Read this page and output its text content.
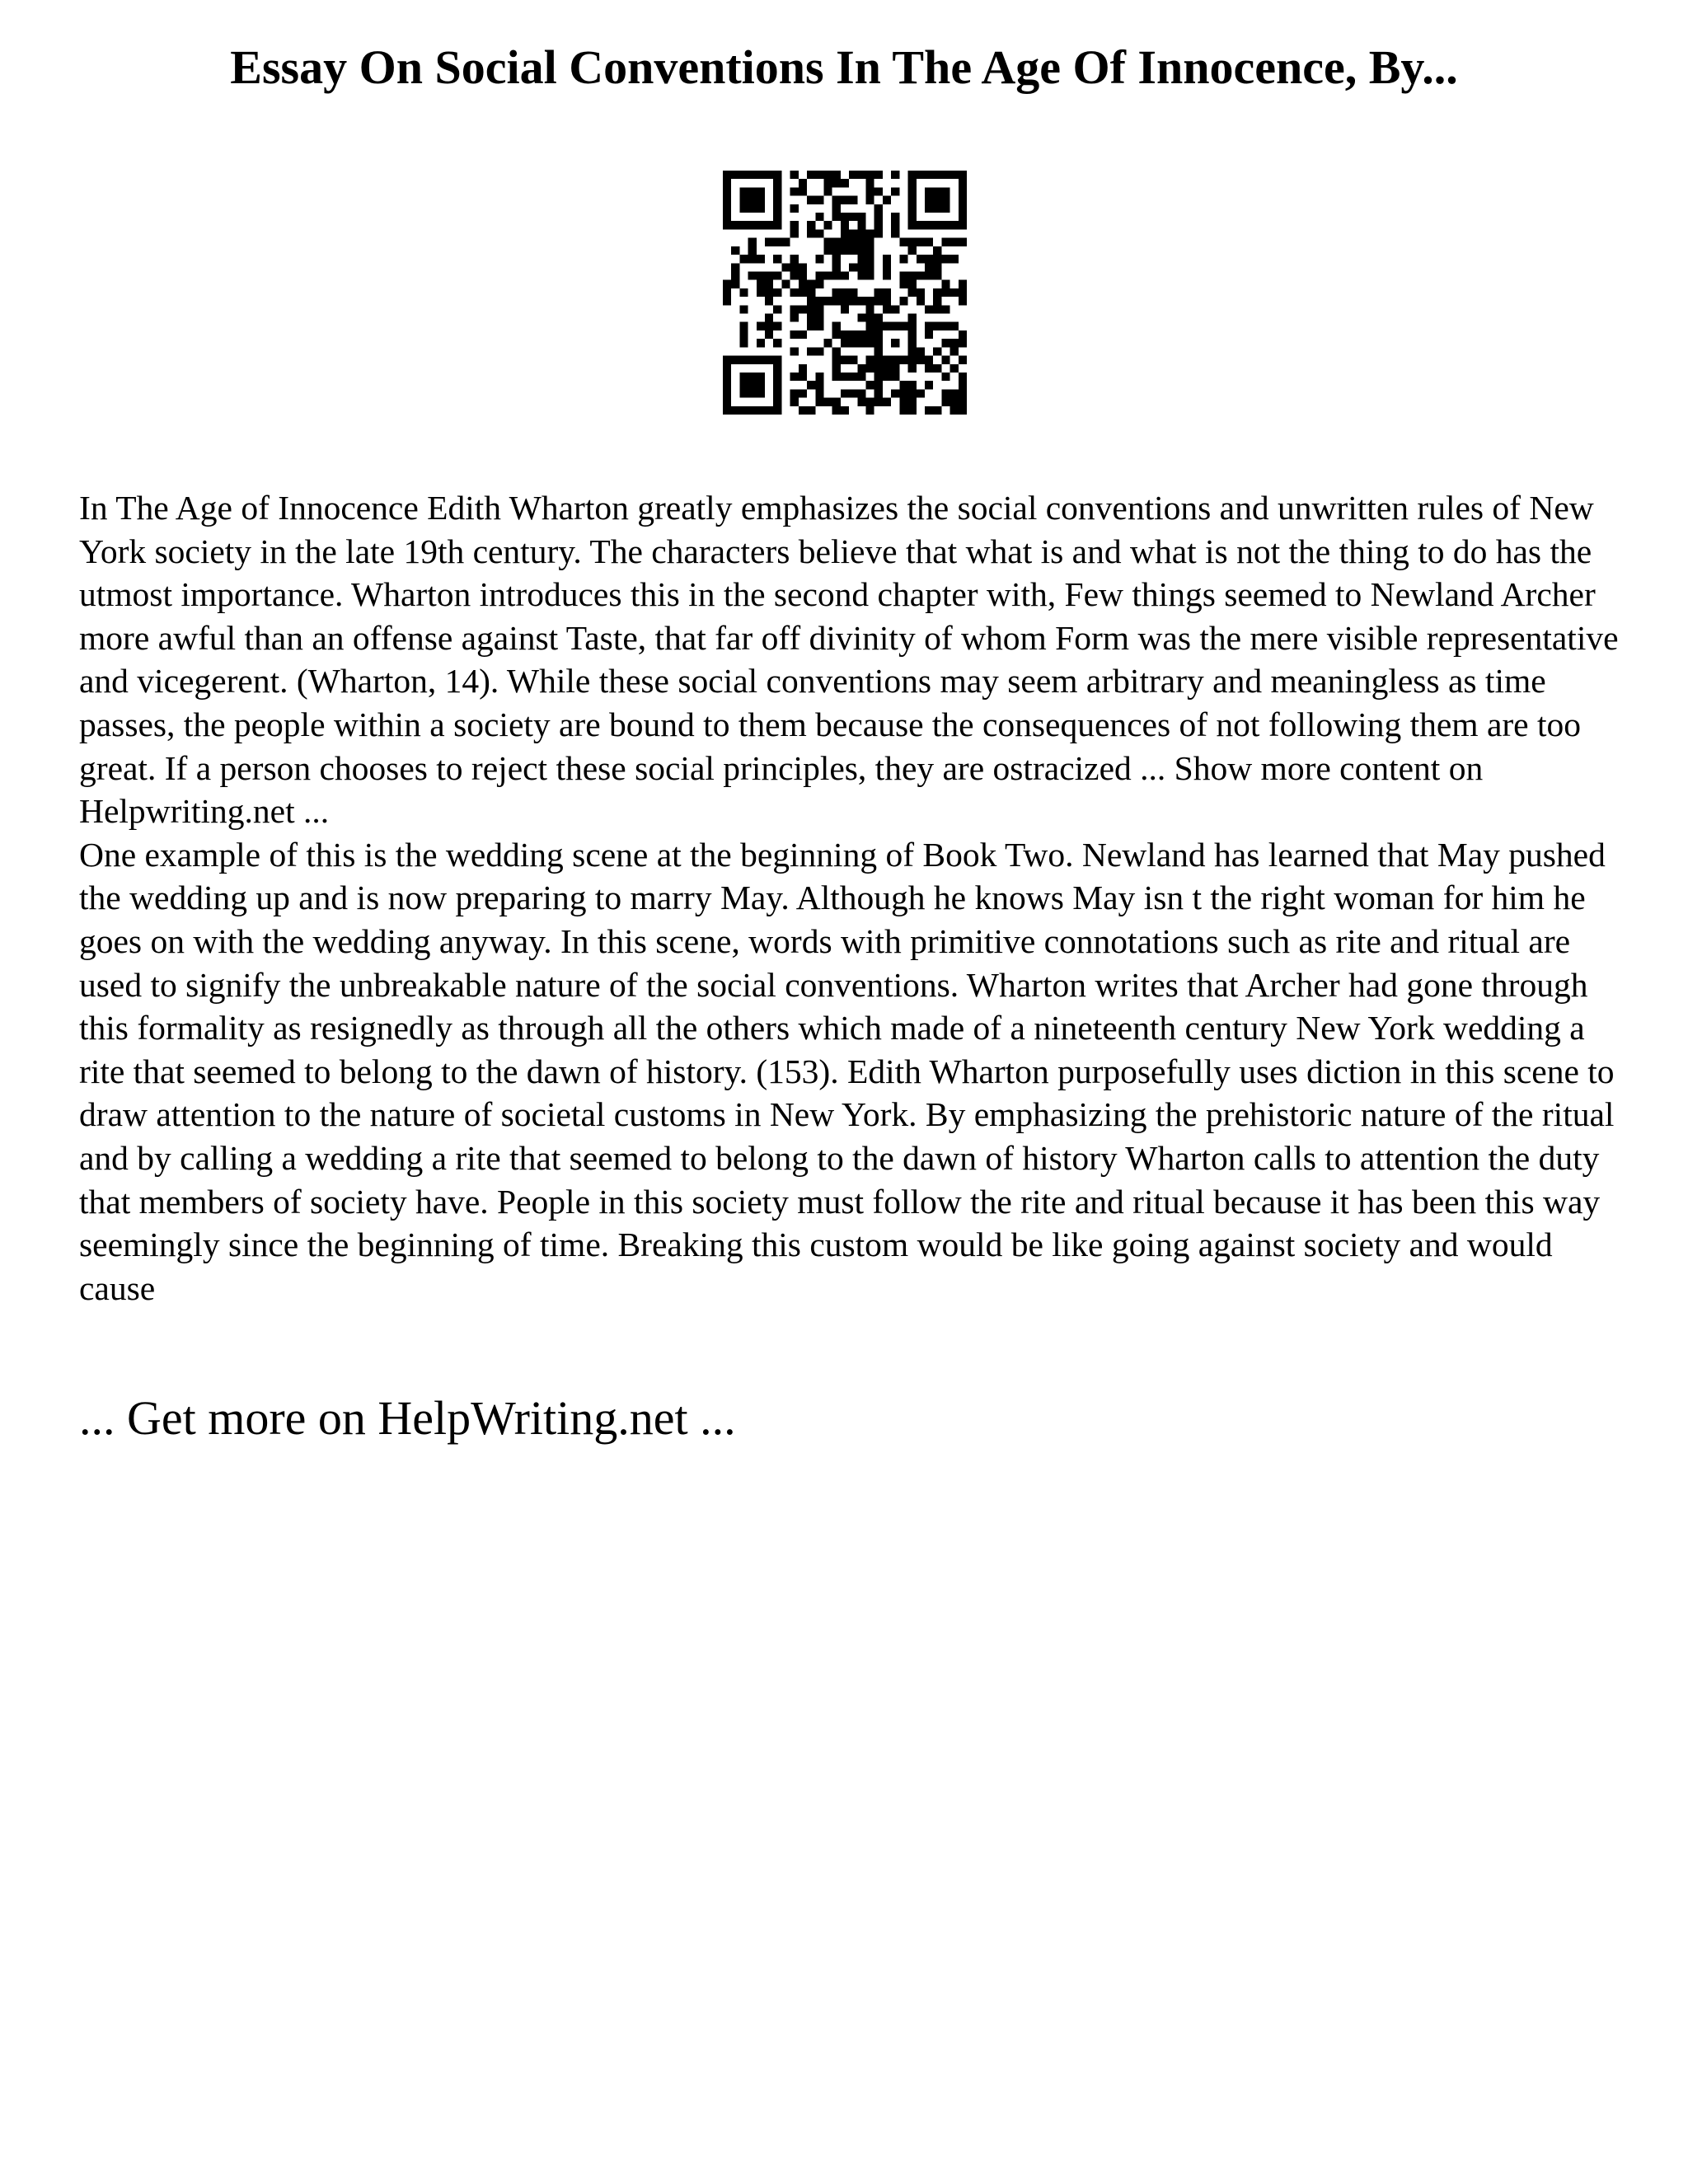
Essay On Social Conventions In The Age Of Innocence, By...

In The Age of Innocence Edith Wharton greatly emphasizes the social conventions and unwritten rules of New York society in the late 19th century. The characters believe that what is and what is not the thing to do has the utmost importance. Wharton introduces this in the second chapter with, Few things seemed to Newland Archer more awful than an offense against Taste, that far off divinity of whom Form was the mere visible representative and vicegerent. (Wharton, 14). While these social conventions may seem arbitrary and meaningless as time passes, the people within a society are bound to them because the consequences of not following them are too great. If a person chooses to reject these social principles, they are ostracized ... Show more content on Helpwriting.net ...

One example of this is the wedding scene at the beginning of Book Two. Newland has learned that May pushed the wedding up and is now preparing to marry May. Although he knows May isn t the right woman for him he goes on with the wedding anyway. In this scene, words with primitive connotations such as rite and ritual are used to signify the unbreakable nature of the social conventions. Wharton writes that Archer had gone through this formality as resignedly as through all the others which made of a nineteenth century New York wedding a rite that seemed to belong to the dawn of history. (153). Edith Wharton purposefully uses diction in this scene to draw attention to the nature of societal customs in New York. By emphasizing the prehistoric nature of the ritual and by calling a wedding a rite that seemed to belong to the dawn of history Wharton calls to attention the duty that members of society have. People in this society must follow the rite and ritual because it has been this way seemingly since the beginning of time. Breaking this custom would be like going against society and would cause

... Get more on HelpWriting.net ...
